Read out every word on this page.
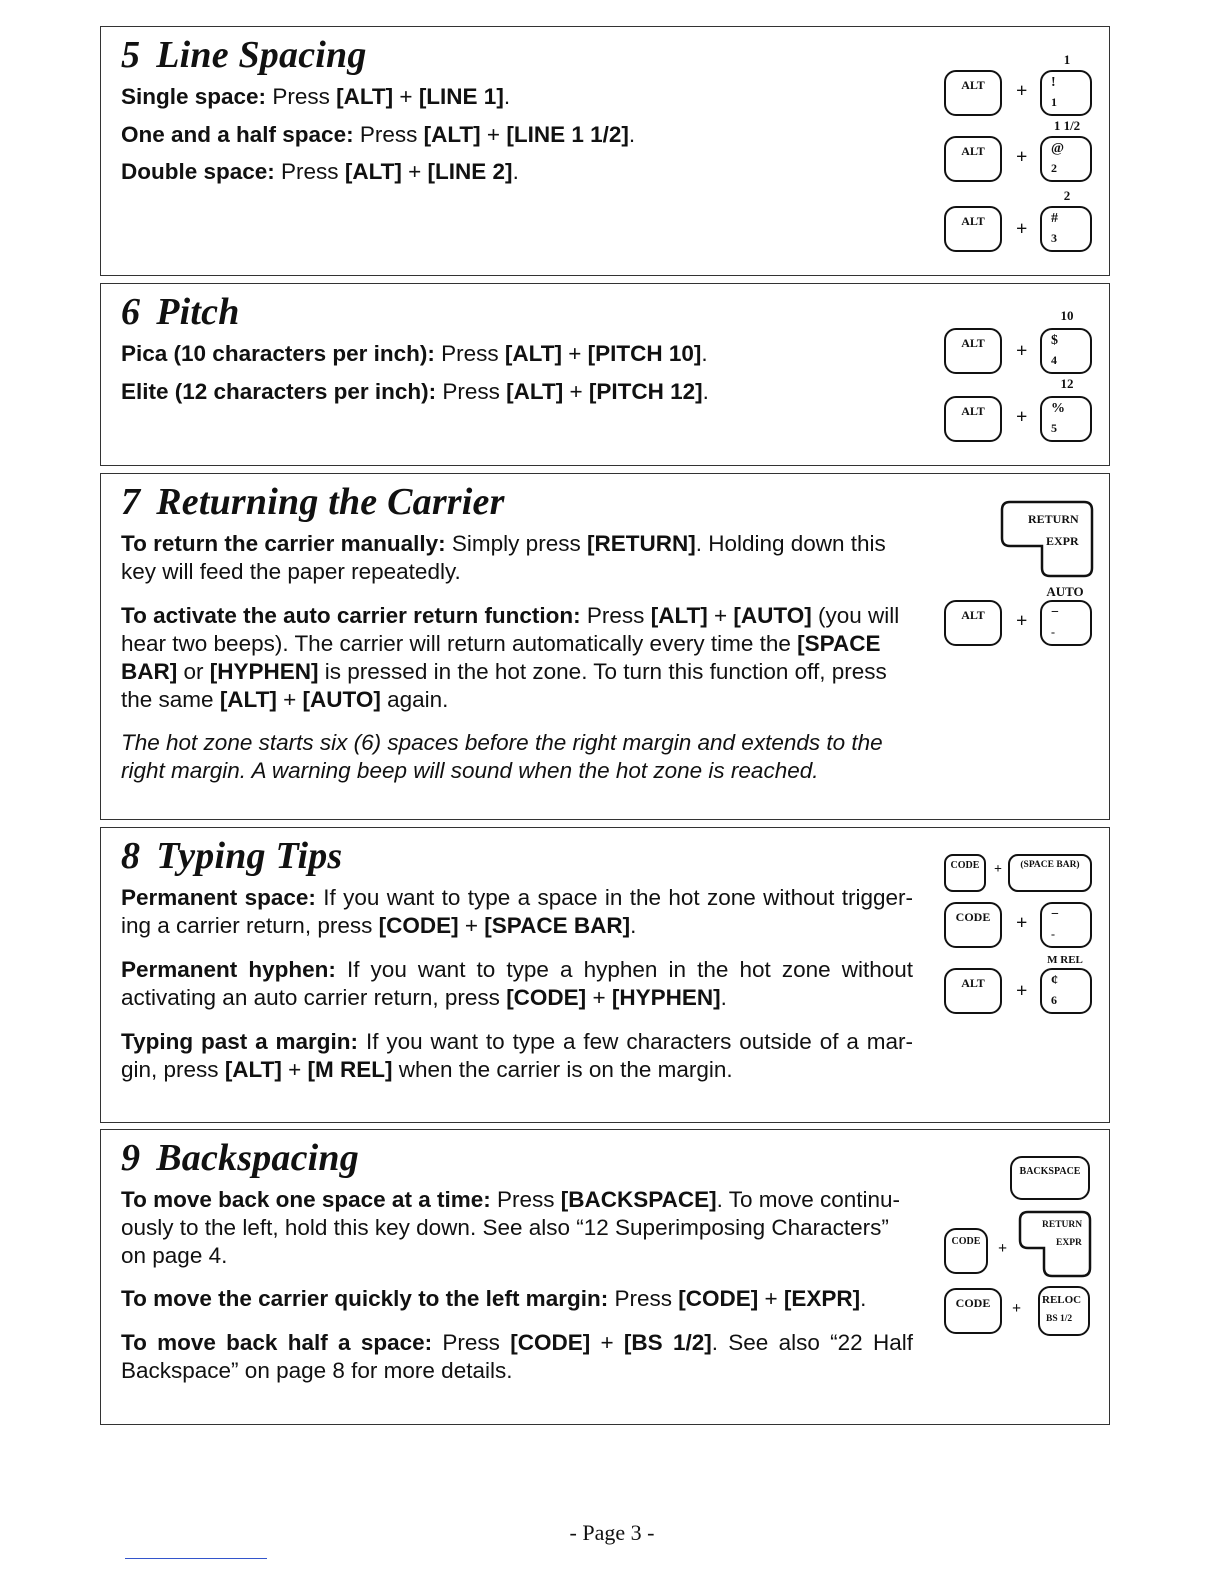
5 Line Spacing

Single space: Press [ALT] + [LINE 1].

One and a half space: Press [ALT] + [LINE 1 1/2].

Double space: Press [ALT] + [LINE 2].

1
ALT	+ !
1
1 1/2
ALT	+ @
2
2
ALT	+ #
3
6 Pitch

Pica (10 characters per inch): Press [ALT] + [PITCH 10].

Elite (12 characters per inch): Press [ALT] + [PITCH 12].

10
ALT	+ $
4
12
ALT	+ %
5
7 Returning the Carrier

To return the carrier manually: Simply press [RETURN]. Holding down this key will feed the paper repeatedly.

To activate the auto carrier return function: Press [ALT] + [AUTO] (you will hear two beeps). The carrier will return automatically every time the [SPACE BAR] or [HYPHEN] is pressed in the hot zone. To turn this function off, press the same [ALT] + [AUTO] again.

The hot zone starts six (6) spaces before the right margin and extends to the right margin. A warning beep will sound when the hot zone is reached.

RETURN
EXPR
AUTO
ALT	+ −
-
8 Typing Tips

Permanent space: If you want to type a space in the hot zone without trigger-ing a carrier return, press [CODE] + [SPACE BAR].

Permanent hyphen: If you want to type a hyphen in the hot zone without activating an auto carrier return, press [CODE] + [HYPHEN].

Typing past a margin: If you want to type a few characters outside of a mar-gin, press [ALT] + [M REL] when the carrier is on the margin.

CODE	+	(SPACE BAR)
CODE	+ −
-
M REL
ALT	+ ¢
6
9 Backspacing

To move back one space at a time: Press [BACKSPACE]. To move continu-ously to the left, hold this key down. See also “12 Superimposing Characters” on page 4.

To move the carrier quickly to the left margin: Press [CODE] + [EXPR].

To move back half a space: Press [CODE] + [BS 1/2]. See also “22 Half Backspace” on page 8 for more details.

BACKSPACE
CODE	+
RETURN
EXPR
CODE	+ RELOC
BS 1/2
- Page 3 -
